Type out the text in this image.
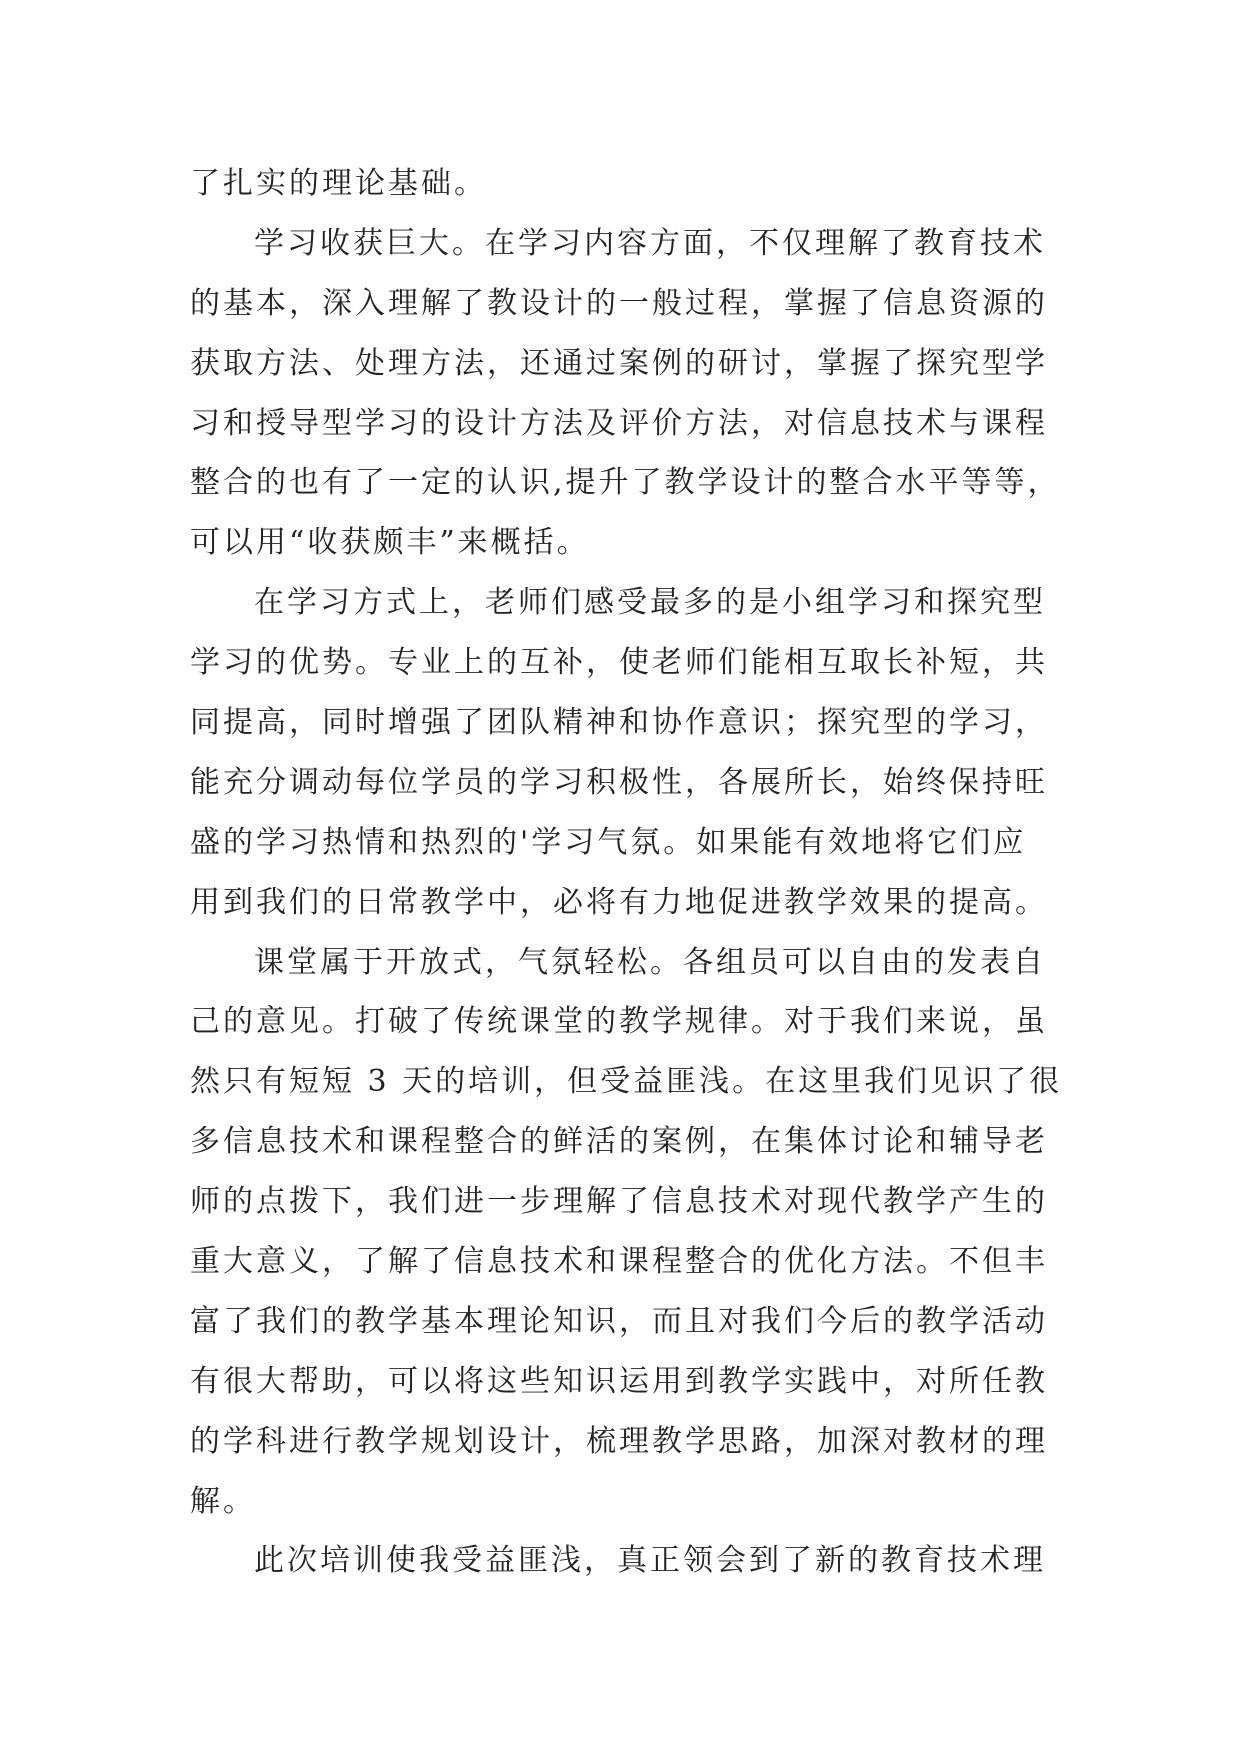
了扎实的理论基础。
学习收获巨大。在学习内容方面，不仅理解了教育技术
的基本，深入理解了教设计的一般过程，掌握了信息资源的
获取方法、处理方法，还通过案例的研讨，掌握了探究型学
习和授导型学习的设计方法及评价方法，对信息技术与课程
整合的也有了一定的认识,提升了教学设计的整合水平等等，
可以用“收获颇丰”来概括。
在学习方式上，老师们感受最多的是小组学习和探究型
学习的优势。专业上的互补，使老师们能相互取长补短，共
同提高，同时增强了团队精神和协作意识；探究型的学习，
能充分调动每位学员的学习积极性，各展所长，始终保持旺
盛的学习热情和热烈的'学习气氛。如果能有效地将它们应
用到我们的日常教学中，必将有力地促进教学效果的提高。
课堂属于开放式，气氛轻松。各组员可以自由的发表自
己的意见。打破了传统课堂的教学规律。对于我们来说，虽
然只有短短 3 天的培训，但受益匪浅。在这里我们见识了很
多信息技术和课程整合的鲜活的案例，在集体讨论和辅导老
师的点拨下，我们进一步理解了信息技术对现代教学产生的
重大意义，了解了信息技术和课程整合的优化方法。不但丰
富了我们的教学基本理论知识，而且对我们今后的教学活动
有很大帮助，可以将这些知识运用到教学实践中，对所任教
的学科进行教学规划设计，梳理教学思路，加深对教材的理
解。
此次培训使我受益匪浅，真正领会到了新的教育技术理
